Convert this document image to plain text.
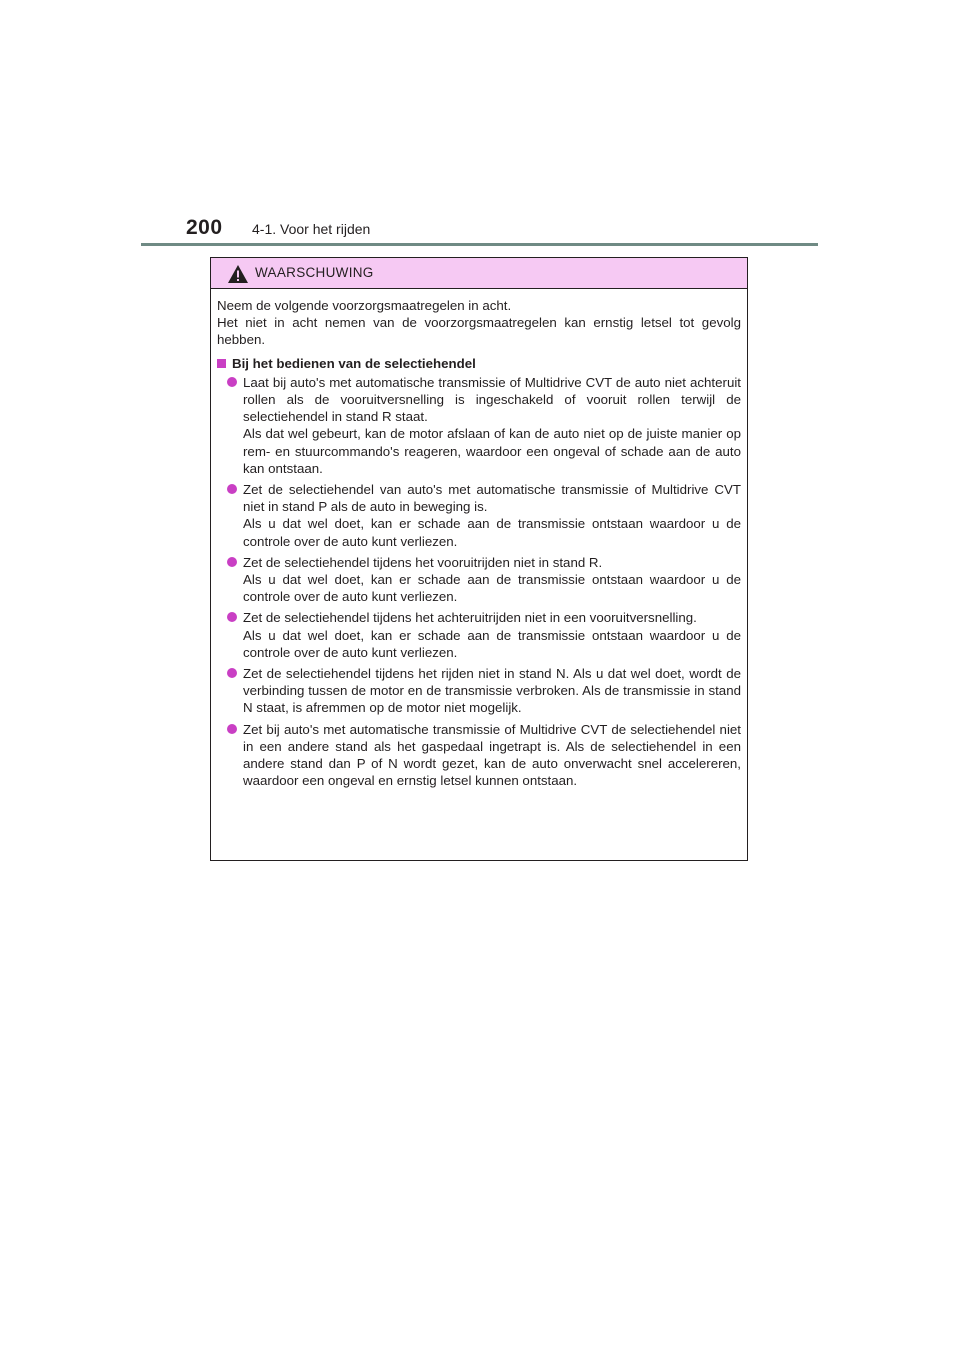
200 4-1. Voor het rijden
WAARSCHUWING

Neem de volgende voorzorgsmaatregelen in acht.

Het niet in acht nemen van de voorzorgsmaatregelen kan ernstig letsel tot gevolg hebben.

Bij het bedienen van de selectiehendel

Laat bij auto's met automatische transmissie of Multidrive CVT de auto niet achteruit rollen als de vooruitversnelling is ingeschakeld of vooruit rollen terwijl de selectiehendel in stand R staat.

Als dat wel gebeurt, kan de motor afslaan of kan de auto niet op de juiste manier op rem- en stuurcommando's reageren, waardoor een ongeval of schade aan de auto kan ontstaan.

Zet de selectiehendel van auto's met automatische transmissie of Multidrive CVT niet in stand P als de auto in beweging is.

Als u dat wel doet, kan er schade aan de transmissie ontstaan waardoor u de controle over de auto kunt verliezen.

Zet de selectiehendel tijdens het vooruitrijden niet in stand R.

Als u dat wel doet, kan er schade aan de transmissie ontstaan waardoor u de controle over de auto kunt verliezen.

Zet de selectiehendel tijdens het achteruitrijden niet in een vooruitversnelling.

Als u dat wel doet, kan er schade aan de transmissie ontstaan waardoor u de controle over de auto kunt verliezen.

Zet de selectiehendel tijdens het rijden niet in stand N. Als u dat wel doet, wordt de verbinding tussen de motor en de transmissie verbroken. Als de transmissie in stand N staat, is afremmen op de motor niet mogelijk.

Zet bij auto's met automatische transmissie of Multidrive CVT de selectiehendel niet in een andere stand als het gaspedaal ingetrapt is. Als de selectiehendel in een andere stand dan P of N wordt gezet, kan de auto onverwacht snel accelereren, waardoor een ongeval en ernstig letsel kunnen ontstaan.
